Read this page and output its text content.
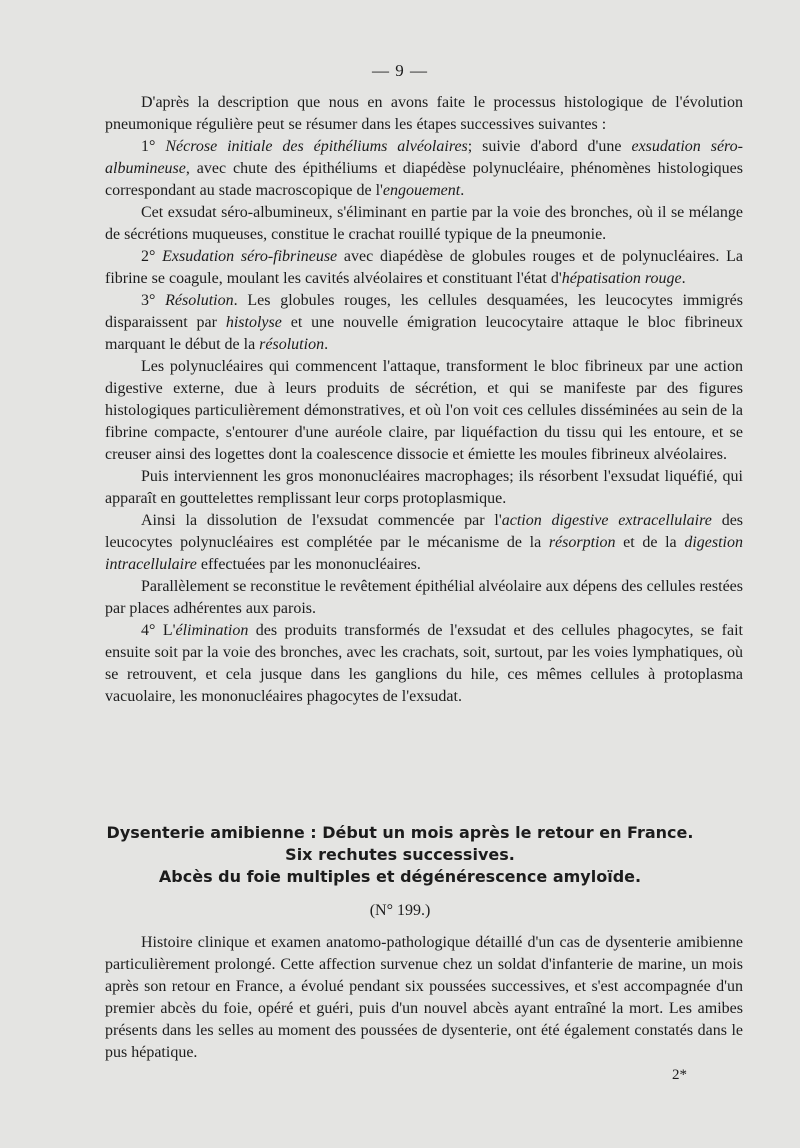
— 9 —

D'après la description que nous en avons faite le processus histologique de l'évolution pneumonique régulière peut se résumer dans les étapes successives suivantes :

1° Nécrose initiale des épithéliums alvéolaires; suivie d'abord d'une exsudation séro-albumineuse, avec chute des épithéliums et diapédèse polynucléaire, phénomènes histologiques correspondant au stade macroscopique de l'engouement.

Cet exsudat séro-albumineux, s'éliminant en partie par la voie des bronches, où il se mélange de sécrétions muqueuses, constitue le crachat rouillé typique de la pneumonie.

2° Exsudation séro-fibrineuse avec diapédèse de globules rouges et de polynucléaires. La fibrine se coagule, moulant les cavités alvéolaires et constituant l'état d'hépatisation rouge.

3° Résolution. Les globules rouges, les cellules desquamées, les leucocytes immigrés disparaissent par histolyse et une nouvelle émigration leucocytaire attaque le bloc fibrineux marquant le début de la résolution.

Les polynucléaires qui commencent l'attaque, transforment le bloc fibrineux par une action digestive externe, due à leurs produits de sécrétion, et qui se manifeste par des figures histologiques particulièrement démonstratives, et où l'on voit ces cellules disséminées au sein de la fibrine compacte, s'entourer d'une auréole claire, par liquéfaction du tissu qui les entoure, et se creuser ainsi des logettes dont la coalescence dissocie et émiette les moules fibrineux alvéolaires.

Puis interviennent les gros mononucléaires macrophages; ils résorbent l'exsudat liquéfié, qui apparaît en gouttelettes remplissant leur corps protoplasmique.

Ainsi la dissolution de l'exsudat commencée par l'action digestive extracellulaire des leucocytes polynucléaires est complétée par le mécanisme de la résorption et de la digestion intracellulaire effectuées par les mononucléaires.

Parallèlement se reconstitue le revêtement épithélial alvéolaire aux dépens des cellules restées par places adhérentes aux parois.

4° L'élimination des produits transformés de l'exsudat et des cellules phagocytes, se fait ensuite soit par la voie des bronches, avec les crachats, soit, surtout, par les voies lymphatiques, où se retrouvent, et cela jusque dans les ganglions du hile, ces mêmes cellules à protoplasma vacuolaire, les mononucléaires phagocytes de l'exsudat.

Dysenterie amibienne : Début un mois après le retour en France.
Six rechutes successives.
Abcès du foie multiples et dégénérescence amyloïde.
(N° 199.)

Histoire clinique et examen anatomo-pathologique détaillé d'un cas de dysenterie amibienne particulièrement prolongé. Cette affection survenue chez un soldat d'infanterie de marine, un mois après son retour en France, a évolué pendant six poussées successives, et s'est accompagnée d'un premier abcès du foie, opéré et guéri, puis d'un nouvel abcès ayant entraîné la mort. Les amibes présents dans les selles au moment des poussées de dysenterie, ont été également constatés dans le pus hépatique.

2*
